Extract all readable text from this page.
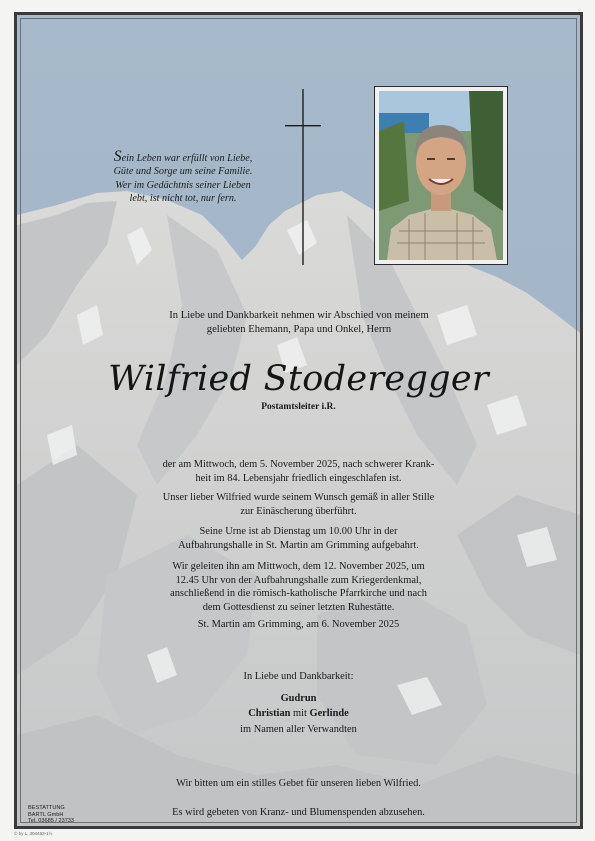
Sein Leben war erfüllt von Liebe,
Güte und Sorge um seine Familie.
Wer im Gedächtnis seiner Lieben
lebt, ist nicht tot, nur fern.
In Liebe und Dankbarkeit nehmen wir Abschied von meinem
geliebten Ehemann, Papa und Onkel, Herrn
Wilfried Stoderegger
Postamtsleiter i.R.
der am Mittwoch, dem 5. November 2025, nach schwerer Krank-
heit im 84. Lebensjahr friedlich eingeschlafen ist.
Unser lieber Wilfried wurde seinem Wunsch gemäß in aller Stille
zur Einäscherung überführt.
Seine Urne ist ab Dienstag um 10.00 Uhr in der
Aufbahrungshalle in St. Martin am Grimming aufgebahrt.
Wir geleiten ihn am Mittwoch, dem 12. November 2025, um
12.45 Uhr von der Aufbahrungshalle zum Kriegerdenkmal,
anschließend in die römisch-katholische Pfarrkirche und nach
dem Gottesdienst zu seiner letzten Ruhestätte.
St. Martin am Grimming, am 6. November 2025
In Liebe und Dankbarkeit:
Gudrun
Christian mit Gerlinde
im Namen aller Verwandten
Wir bitten um ein stilles Gebet für unseren lieben Wilfried.
Es wird gebeten von Kranz- und Blumenspenden abzusehen.
BESTATTUNG
BARTL GmbH
Tel. 03685 / 23733
© by L. 304453-1½
